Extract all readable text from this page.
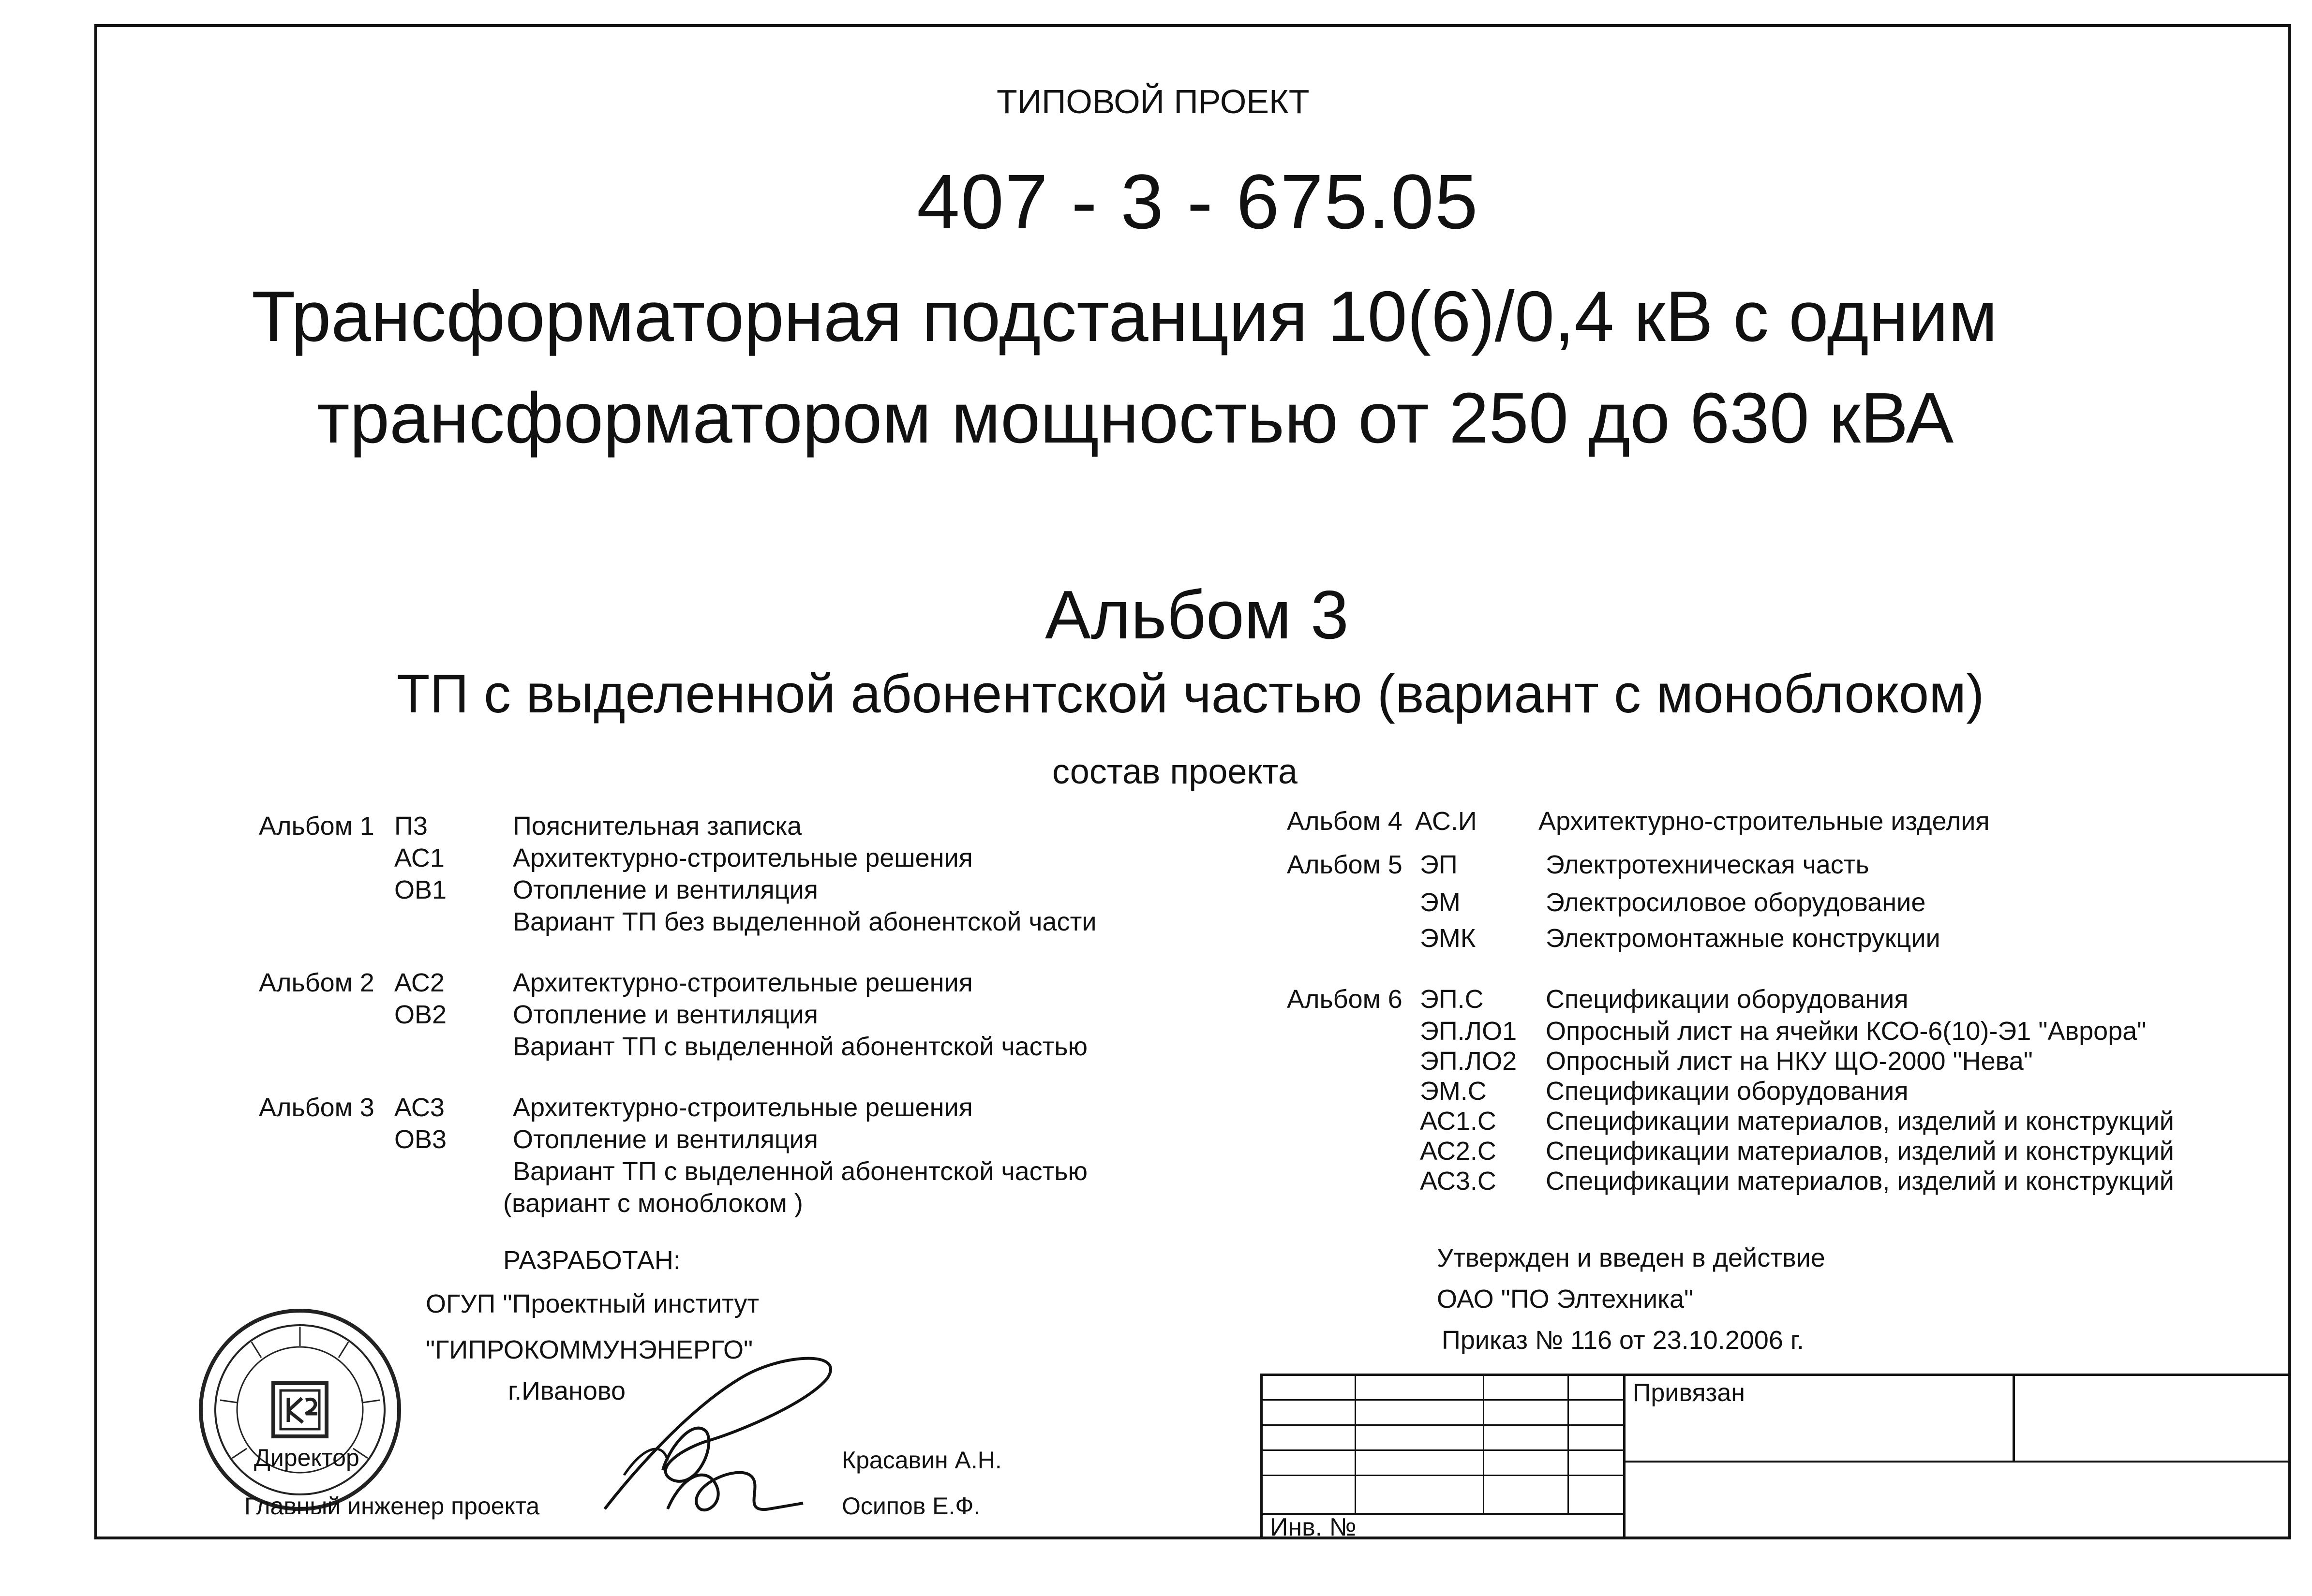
ТИПОВОЙ ПРОЕКТ
407 - 3 - 675.05
Трансформаторная подстанция 10(6)/0,4 кВ с одним
трансформатором мощностью от 250 до 630 кВА
Альбом 3
ТП с выделенной абонентской частью (вариант с моноблоком)
состав проекта
Альбом 1 П3	Пояснительная записка
АС1	Архитектурно-строительные решения
ОВ1	Отопление и вентиляция
Вариант ТП без выделенной абонентской части
Альбом 2 АС2	Архитектурно-строительные решения
ОВ2	Отопление и вентиляция
Вариант ТП с выделенной абонентской частью
Альбом 3 АС3	Архитектурно-строительные решения
ОВ3	Отопление и вентиляция
Вариант ТП с выделенной абонентской частью
(вариант с моноблоком )
Альбом 4 АС.И Архитектурно-строительные изделия
Альбом 5 ЭП	Электротехническая часть
ЭМ	Электросиловое оборудование
ЭМК	Электромонтажные конструкции
Альбом 6 ЭП.С Спецификации оборудования
ЭП.ЛО1 Опросный лист на ячейки КСО-6(10)-Э1 "Аврора"
ЭП.ЛО2 Опросный лист на НКУ ЩО-2000 "Нева"
ЭМ.С Спецификации оборудования
АС1.С Спецификации материалов, изделий и конструкций
АС2.С Спецификации материалов, изделий и конструкций
АС3.С Спецификации материалов, изделий и конструкций
РАЗРАБОТАН:
ОГУП "Проектный институт
"ГИПРОКОММУНЭНЕРГО"
г.Иваново
Директор
Главный инженер проекта
Красавин А.Н.
Осипов Е.Ф.
Утвержден и введен в действие
ОАО "ПО Элтехника"
Приказ № 116 от 23.10.2006 г.
Привязан
Инв. №
